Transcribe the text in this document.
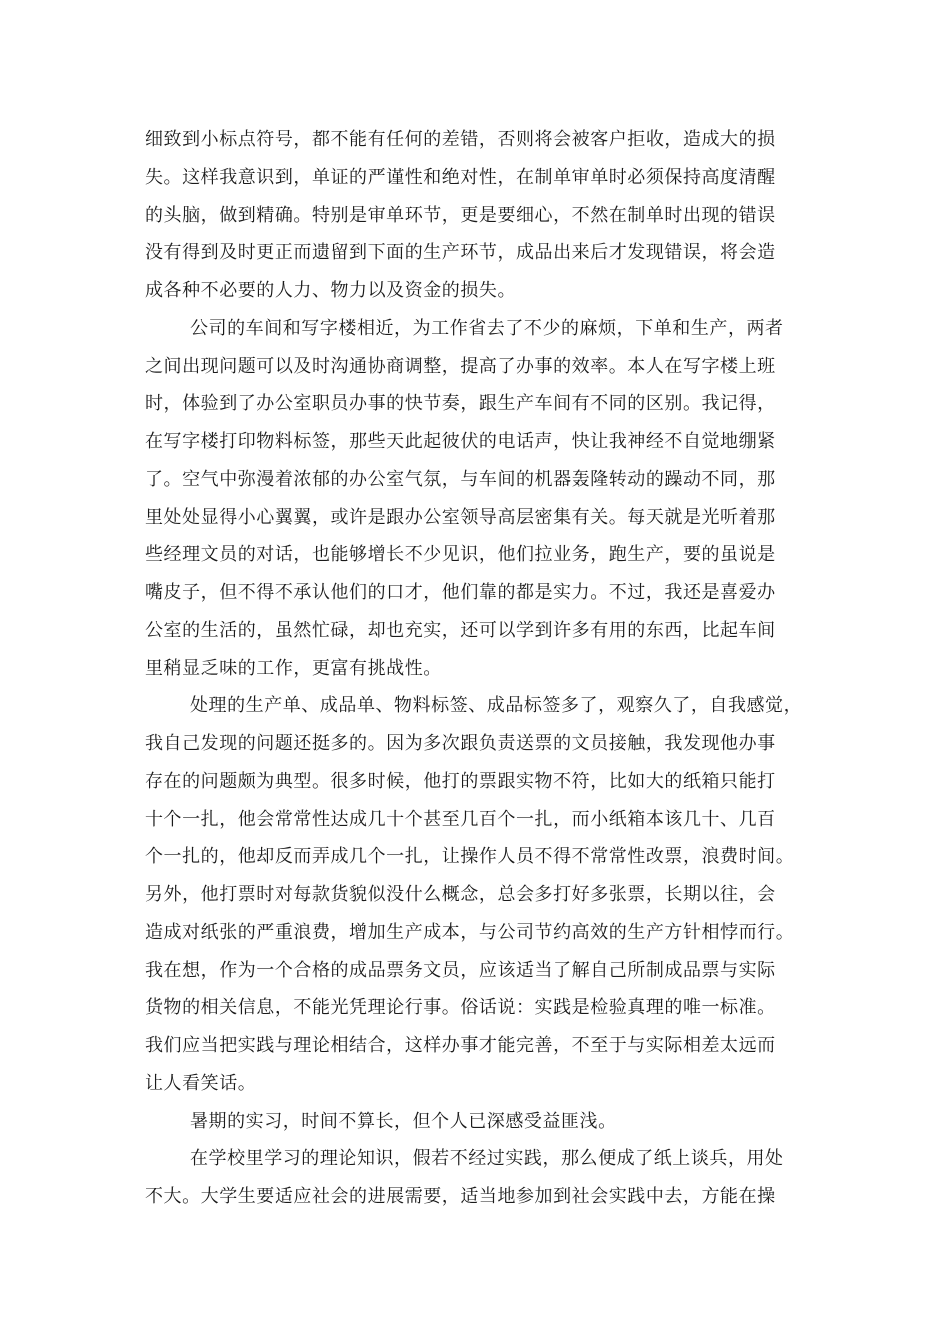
细致到小标点符号，都不能有任何的差错，否则将会被客户拒收，造成大的损
失。这样我意识到，单证的严谨性和绝对性，在制单审单时必须保持高度清醒
的头脑，做到精确。特别是审单环节，更是要细心，不然在制单时出现的错误
没有得到及时更正而遗留到下面的生产环节，成品出来后才发现错误，将会造
成各种不必要的人力、物力以及资金的损失。
公司的车间和写字楼相近，为工作省去了不少的麻烦，下单和生产，两者
之间出现问题可以及时沟通协商调整，提高了办事的效率。本人在写字楼上班
时，体验到了办公室职员办事的快节奏，跟生产车间有不同的区别。我记得，
在写字楼打印物料标签，那些天此起彼伏的电话声，快让我神经不自觉地绷紧
了。空气中弥漫着浓郁的办公室气氛，与车间的机器轰隆转动的躁动不同，那
里处处显得小心翼翼，或许是跟办公室领导高层密集有关。每天就是光听着那
些经理文员的对话，也能够增长不少见识，他们拉业务，跑生产，要的虽说是
嘴皮子，但不得不承认他们的口才，他们靠的都是实力。不过，我还是喜爱办
公室的生活的，虽然忙碌，却也充实，还可以学到许多有用的东西，比起车间
里稍显乏味的工作，更富有挑战性。
处理的生产单、成品单、物料标签、成品标签多了，观察久了，自我感觉，
我自己发现的问题还挺多的。因为多次跟负责送票的文员接触，我发现他办事
存在的问题颇为典型。很多时候，他打的票跟实物不符，比如大的纸箱只能打
十个一扎，他会常常性达成几十个甚至几百个一扎，而小纸箱本该几十、几百
个一扎的，他却反而弄成几个一扎，让操作人员不得不常常性改票，浪费时间。
另外，他打票时对每款货貌似没什么概念，总会多打好多张票，长期以往，会
造成对纸张的严重浪费，增加生产成本，与公司节约高效的生产方针相悖而行。
我在想，作为一个合格的成品票务文员，应该适当了解自己所制成品票与实际
货物的相关信息，不能光凭理论行事。俗话说：实践是检验真理的唯一标准。
我们应当把实践与理论相结合，这样办事才能完善，不至于与实际相差太远而
让人看笑话。
暑期的实习，时间不算长，但个人已深感受益匪浅。
在学校里学习的理论知识，假若不经过实践，那么便成了纸上谈兵，用处
不大。大学生要适应社会的进展需要，适当地参加到社会实践中去，方能在操
